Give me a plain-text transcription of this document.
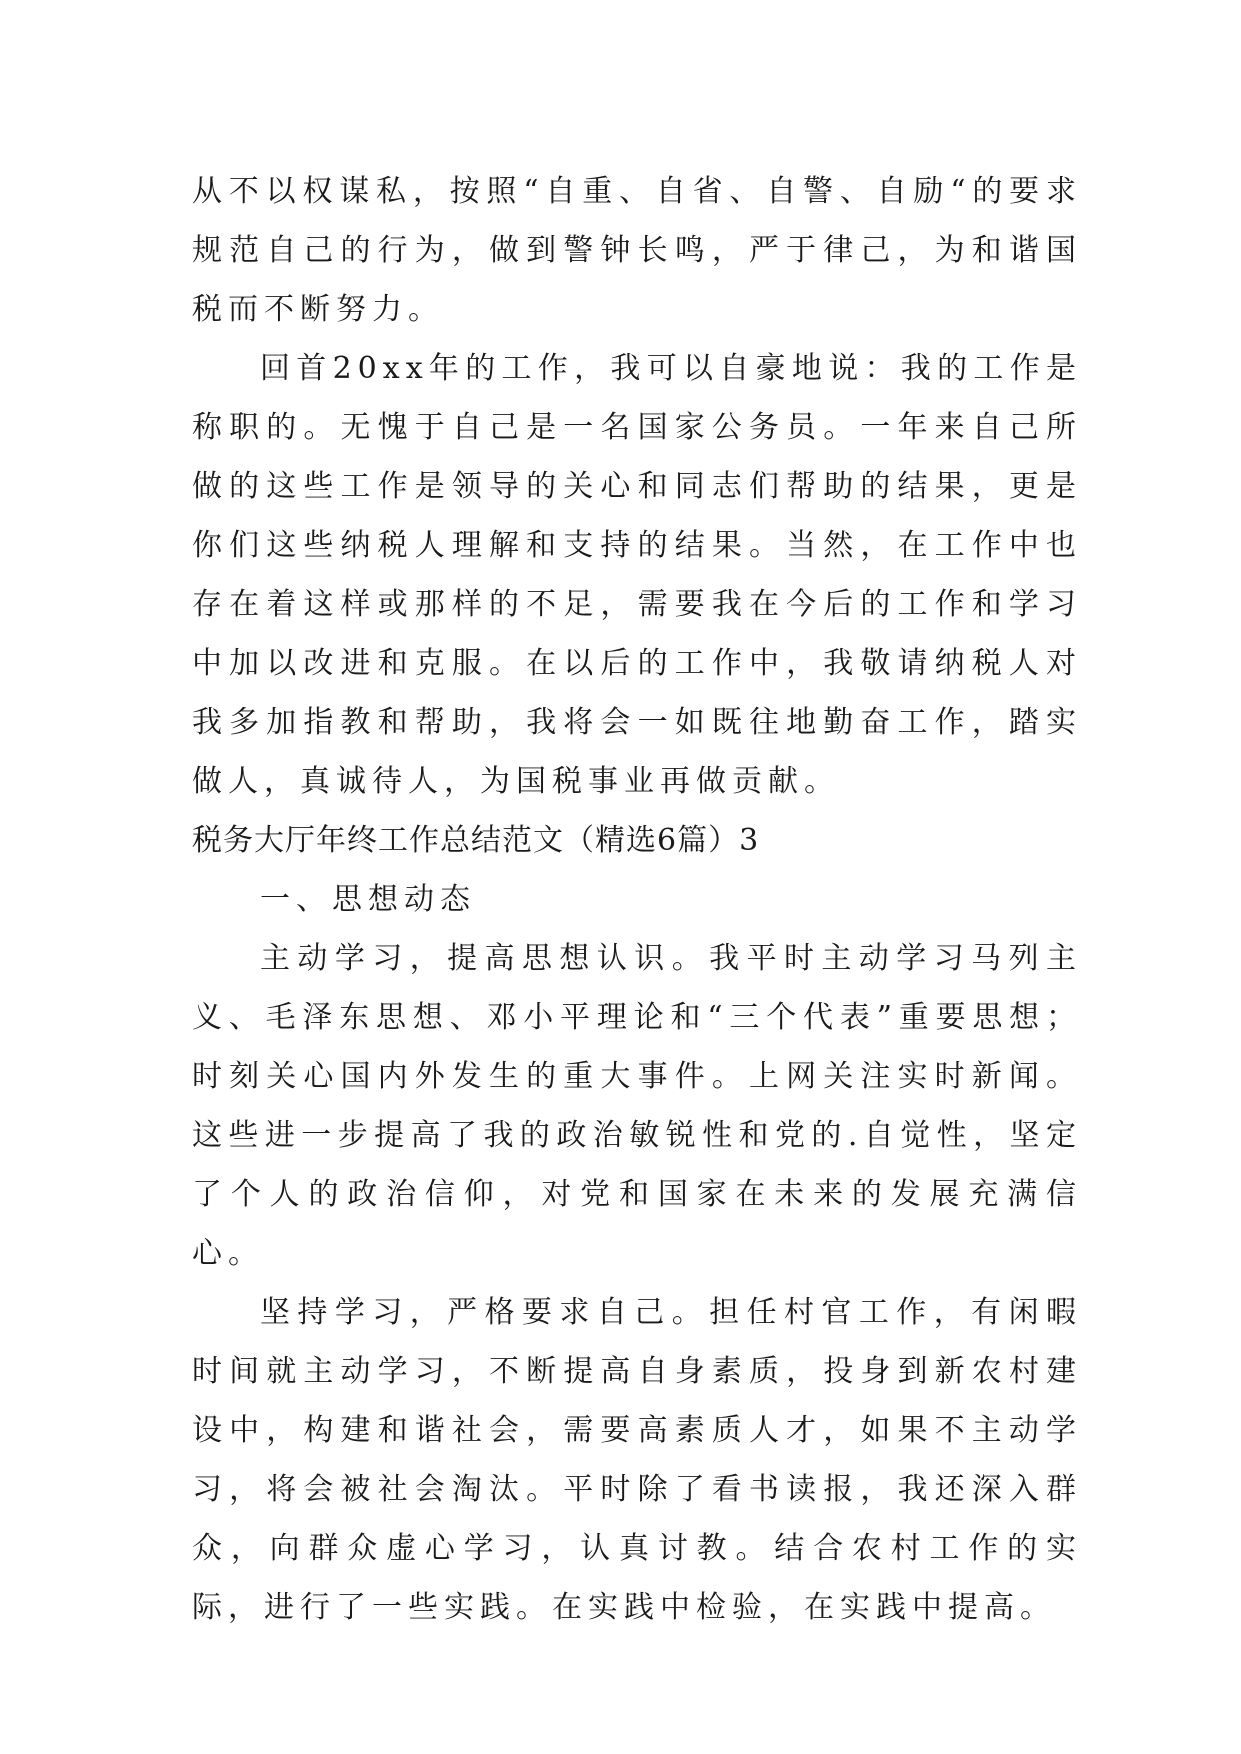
从不以权谋私，按照“自重、自省、自警、自励“的要求规范自己的行为，做到警钟长鸣，严于律己，为和谐国税而不断努力。

回首20xx年的工作，我可以自豪地说：我的工作是称职的。无愧于自己是一名国家公务员。一年来自己所做的这些工作是领导的关心和同志们帮助的结果，更是你们这些纳税人理解和支持的结果。当然，在工作中也存在着这样或那样的不足，需要我在今后的工作和学习中加以改进和克服。在以后的工作中，我敬请纳税人对我多加指教和帮助，我将会一如既往地勤奋工作，踏实做人，真诚待人，为国税事业再做贡献。

税务大厅年终工作总结范文（精选6篇）3

一、思想动态

主动学习，提高思想认识。我平时主动学习马列主义、毛泽东思想、邓小平理论和“三个代表”重要思想；时刻关心国内外发生的重大事件。上网关注实时新闻。这些进一步提高了我的政治敏锐性和党的.自觉性，坚定了个人的政治信仰，对党和国家在未来的发展充满信心。

坚持学习，严格要求自己。担任村官工作，有闲暇时间就主动学习，不断提高自身素质，投身到新农村建设中，构建和谐社会，需要高素质人才，如果不主动学习，将会被社会淘汰。平时除了看书读报，我还深入群众，向群众虚心学习，认真讨教。结合农村工作的实际，进行了一些实践。在实践中检验，在实践中提高。
